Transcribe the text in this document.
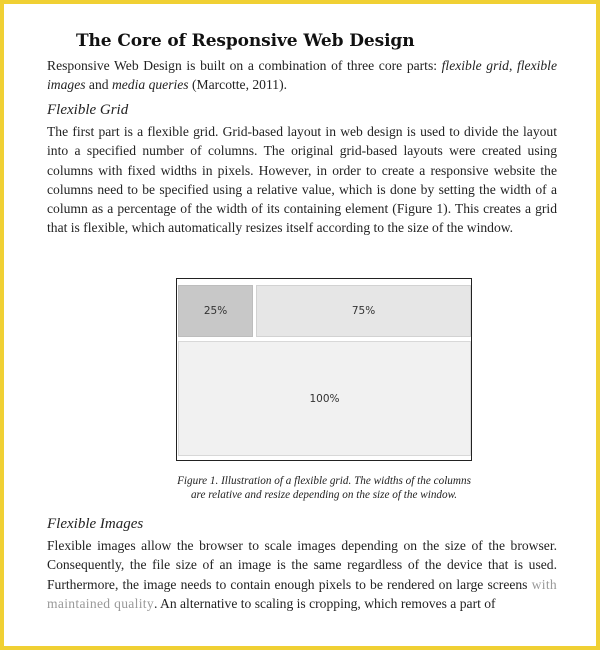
The Core of Responsive Web Design

Responsive Web Design is built on a combination of three core parts: flexible grid, flexible images and media queries (Marcotte, 2011).

Flexible Grid

The first part is a flexible grid. Grid-based layout in web design is used to divide the layout into a specified number of columns. The original grid-based layouts were created using columns with fixed widths in pixels. However, in order to create a responsive website the columns need to be specified using a relative value, which is done by setting the width of a column as a percentage of the width of its containing element (Figure 1). This creates a grid that is flexible, which automatically resizes itself according to the size of the window.

25%	75%
100%

Figure 1. Illustration of a flexible grid. The widths of the columns
are relative and resize depending on the size of the window.

Flexible Images

Flexible images allow the browser to scale images depending on the size of the browser. Consequently, the file size of an image is the same regardless of the device that is used. Furthermore, the image needs to contain enough pixels to be rendered on large screens with maintained quality. An alternative to scaling is cropping, which removes a part of
